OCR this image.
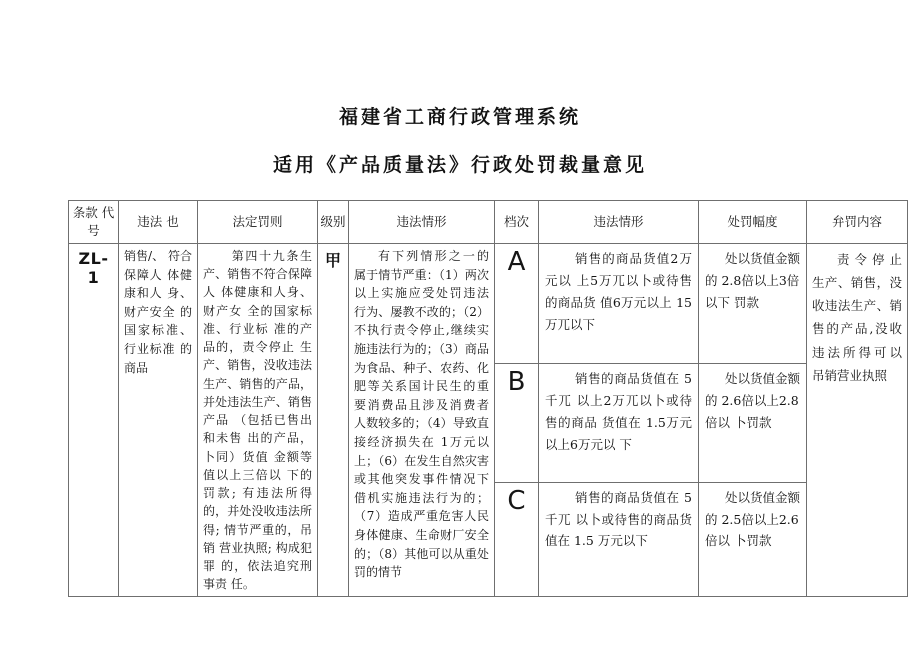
福建省工商行政管理系统
适用《产品质量法》行政处罚裁量意见
条款 代号	违法 也	法定罚则	级别	违法情形	档次	违法情形	处罚幅度	弁罚内容
ZL-1	销售/、 符合保障人 体健康和人 身、财产安全 的国家标准、 行业标准 的 商品	第四十九条生产、销售不符合保障人 体健康和人身、财产女 全的国家标准、行业标 准的产品的，责令停止 生产、销售，没收违法 生产、销售的产品，并处违法生产、销售产品 （包括已售出和未售 出的产品，卜同）货值 金额等值以上三倍以 下的罚款; 有违法所得的，并处没收违法所 得; 情节严重的，吊销 营业执照; 构成犯罪 的，依法追究刑事责 任。	甲	有下列情形之一的 属于情节严重：（1）两次 以上实施应受处罚违法 行为、屡教不改的；（2） 不执行责令停止,继续实 施违法行为的；（3）商品 为食品、种子、农药、化肥等关系国计民生的重 要消费品且涉及消费者 人数较多的；（4）导致直 接经济损失在 1万元以 上；（6）在发生自然灾害 或其他突发事件情况下 借机实施违法行为的；（7）造成严重危害人民 身体健康、生命财厂安全 的；（8）其他可以从重处 罚的情节	A	销售的商品货值2万元以 上5万兀以卜或待售的商品货 值6万元以上 15 万兀以下	处以货值金额的 2.8倍以上3倍以下 罚款	责令停止 生产、销售，没 收违法生产、销 售的产品,没收 违法所得可以 吊销营业执照
					B	销售的商品货值在 5千兀 以上2万兀以卜或待售的商品 货值在 1.5万元以上6万元以 下	处以货值金额的 2.6倍以上2.8倍以 卜罚款	
					C	销售的商品货值在 5千兀 以卜或待售的商品货值在 1.5 万元以下	处以货值金额的 2.5倍以上2.6倍以 卜罚款	
